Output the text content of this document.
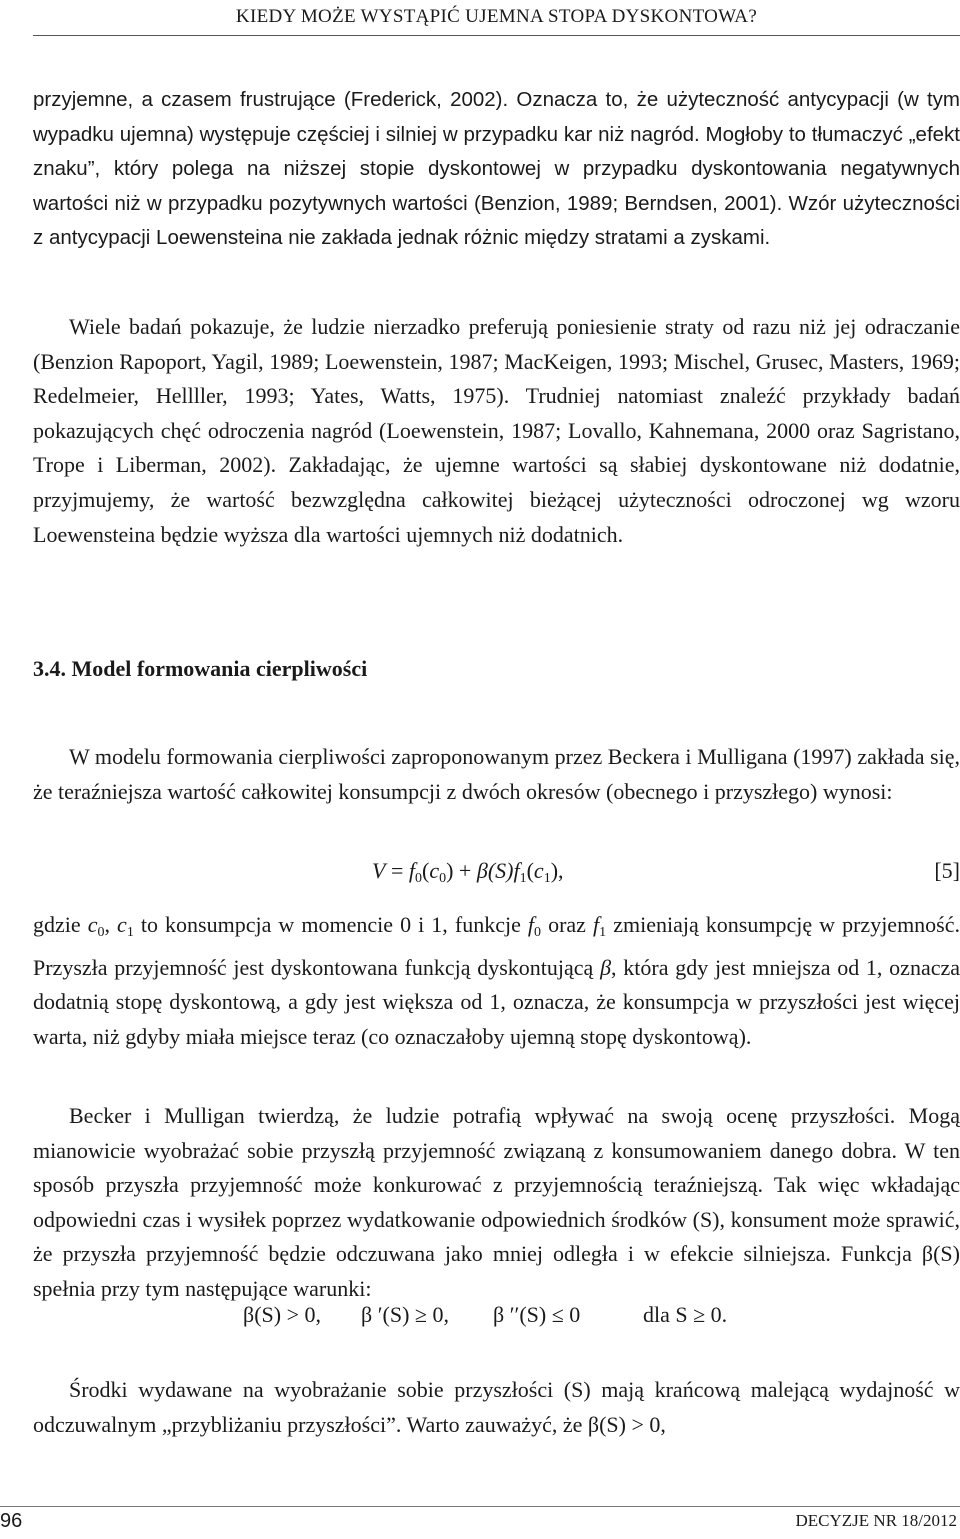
KIEDY MOŻE WYSTĄPIĆ UJEMNA STOPA DYSKONTOWA?

przyjemne, a czasem frustrujące (Frederick, 2002). Oznacza to, że użyteczność antycypacji (w tym wypadku ujemna) występuje częściej i silniej w przypadku kar niż nagród. Mogłoby to tłumaczyć „efekt znaku”, który polega na niższej stopie dyskontowej w przypadku dyskontowania negatywnych wartości niż w przypadku pozytywnych wartości (Benzion, 1989; Berndsen, 2001). Wzór użyteczności z antycypacji Loewensteina nie zakłada jednak różnic między stratami a zyskami.

Wiele badań pokazuje, że ludzie nierzadko preferują poniesienie straty od razu niż jej odraczanie (Benzion Rapoport, Yagil, 1989; Loewenstein, 1987; MacKeigen, 1993; Mischel, Grusec, Masters, 1969; Redelmeier, Hellller, 1993; Yates, Watts, 1975). Trudniej natomiast znaleźć przykłady badań pokazujących chęć odroczenia nagród (Loewenstein, 1987; Lovallo, Kahnemana, 2000 oraz Sagristano, Trope i Liberman, 2002). Zakładając, że ujemne wartości są słabiej dyskontowane niż dodatnie, przyjmujemy, że wartość bezwzględna całkowitej bieżącej użyteczności odroczonej wg wzoru Loewensteina będzie wyższa dla wartości ujemnych niż dodatnich.

3.4. Model formowania cierpliwości

W modelu formowania cierpliwości zaproponowanym przez Beckera i Mulligana (1997) zakłada się, że teraźniejsza wartość całkowitej konsumpcji z dwóch okresów (obecnego i przyszłego) wynosi:

$V = f_0(c_0) + \beta(S)f_1(c_1)$,	[5]

gdzie $c_0$, $c_1$ to konsumpcja w momencie 0 i 1, funkcje $f_0$ oraz $f_1$ zmieniają konsumpcję w przyjemność. Przyszła przyjemność jest dyskontowana funkcją dyskontującą β, która gdy jest mniejsza od 1, oznacza dodatnią stopę dyskontową, a gdy jest większa od 1, oznacza, że konsumpcja w przyszłości jest więcej warta, niż gdyby miała miejsce teraz (co oznaczałoby ujemną stopę dyskontową).

Becker i Mulligan twierdzą, że ludzie potrafią wpływać na swoją ocenę przyszłości. Mogą mianowicie wyobrażać sobie przyszłą przyjemność związaną z konsumowaniem danego dobra. W ten sposób przyszła przyjemność może konkurować z przyjemnością teraźniejszą. Tak więc wkładając odpowiedni czas i wysiłek poprzez wydatkowanie odpowiednich środków (S), konsument może sprawić, że przyszła przyjemność będzie odczuwana jako mniej odległa i w efekcie silniejsza. Funkcja β(S) spełnia przy tym następujące warunki:

β(S) > 0, β ′(S) ≥ 0, β ′′(S) ≤ 0	dla S ≥ 0.

Środki wydawane na wyobrażanie sobie przyszłości (S) mają krańcową malejącą wydajność w odczuwalnym „przybliżaniu przyszłości”. Warto zauważyć, że β(S) > 0,

96	DECYZJE NR 18/2012
